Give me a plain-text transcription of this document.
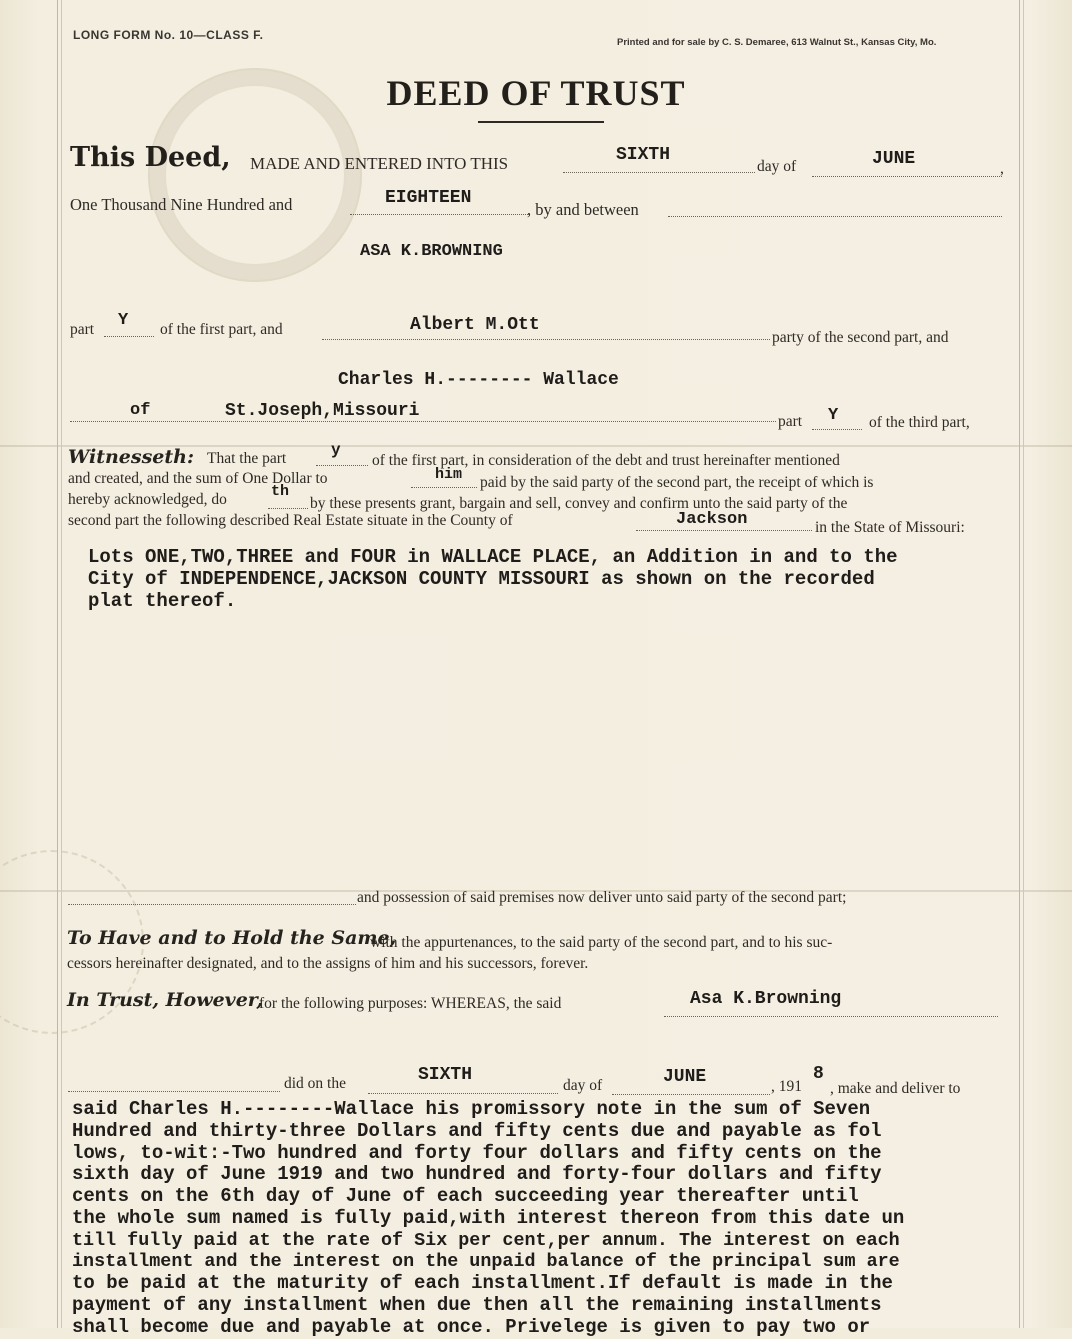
LONG FORM No. 10—CLASS F.
Printed and for sale by C. S. Demaree, 613 Walnut St., Kansas City, Mo.
DEED OF TRUST
This Deed, MADE AND ENTERED INTO THIS	SIXTH
day of	JUNE	,
One Thousand Nine Hundred and	EIGHTEEN
, by and between
ASA K.BROWNING
part Y of the first part, and	Albert M.Ott
party of the second part, and
Charles H.-------- Wallace
of	St.Joseph,Missouri
part Y of the third part,
Witnesseth: That the part	y
of the first part, in consideration of the debt and trust hereinafter mentioned
and created, and the sum of One Dollar to	him paid by the said party of the second part, the receipt of which is
hereby acknowledged, do	th
by these presents grant, bargain and sell, convey and confirm unto the said party of the
second part the following described Real Estate situate in the County of	Jackson	in the State of Missouri:
Lots ONE,TWO,THREE and FOUR in WALLACE PLACE, an Addition in and to the
City of INDEPENDENCE,JACKSON COUNTY MISSOURI as shown on the recorded
plat thereof.
and possession of said premises now deliver unto said party of the second part;
To Have and to Hold the Same,
with the appurtenances, to the said party of the second part, and to his suc-
cessors hereinafter designated, and to the assigns of him and his successors, forever.
In Trust, However,
for the following purposes: WHEREAS, the said	Asa K.Browning
did on the	SIXTH
day of	JUNE	, 191
8
, make and deliver to
said Charles H.--------Wallace his promissory note in the sum of Seven
Hundred and thirty-three Dollars and fifty cents due and payable as fol
lows, to-wit:-Two hundred and forty four dollars and fifty cents on the
sixth day of June 1919 and two hundred and forty-four dollars and fifty
cents on the 6th day of June of each succeeding year thereafter until
the whole sum named is fully paid,with interest thereon from this date un
till fully paid at the rate of Six per cent,per annum. The interest on each
installment and the interest on the unpaid balance of the principal sum are
to be paid at the maturity of each installment.If default is made in the
payment of any installment when due then all the remaining installments
shall become due and payable at once. Privelege is given to pay two or
